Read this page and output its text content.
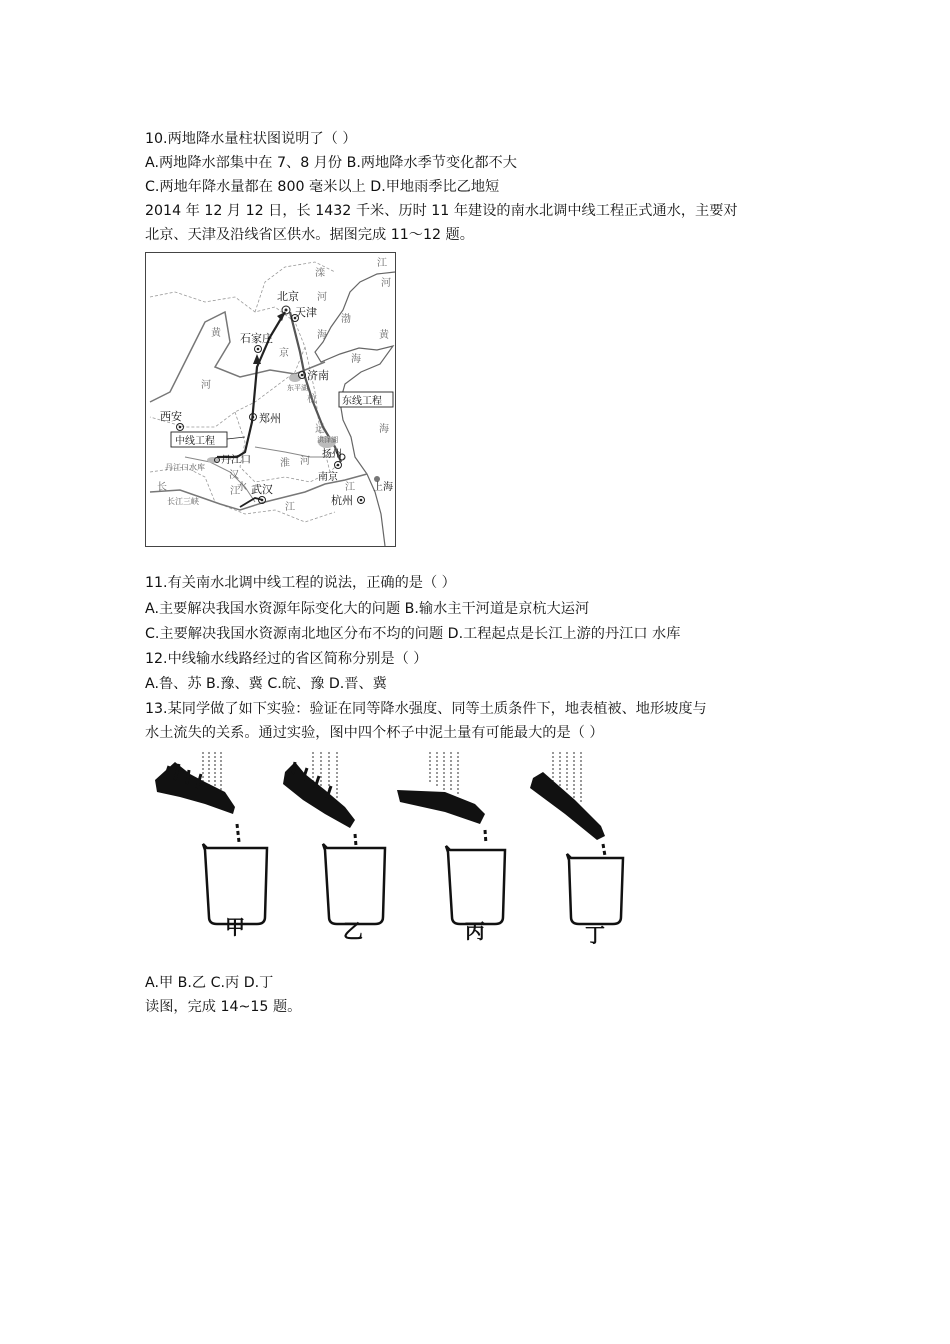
10.两地降水量柱状图说明了（ ）
A.两地降水部集中在 7、8 月份 B.两地降水季节变化都不大
C.两地年降水量都在 800 毫米以上 D.甲地雨季比乙地短
2014 年 12 月 12 日，长 1432 千米、历时 11 年建设的南水北调中线工程正式通水，主要对
北京、天津及沿线省区供水。据图完成 11～12 题。
北京
天津
石家庄
济南
西安	郑州
丹江口
武汉
扬州
南京
杭州
上海
中线工程
东线工程
丹江口水库
长江三峡
东平湖
洪泽湖
滦
河
江
河
渤
海	黄
海
黄
河
京
杭
运
汉
水
淮 河
长	江
江
江
海
11.有关南水北调中线工程的说法，正确的是（ ）
A.主要解决我国水资源年际变化大的问题 B.输水主干河道是京杭大运河
C.主要解决我国水资源南北地区分布不均的问题 D.工程起点是长江上游的丹江口 水库
12.中线输水线路经过的省区简称分别是（ ）
A.鲁、苏 B.豫、冀 C.皖、豫 D.晋、冀
13.某同学做了如下实验：验证在同等降水强度、同等土质条件下，地表植被、地形坡度与
水土流失的关系。通过实验，图中四个杯子中泥土量有可能最大的是（ ）
甲	乙	丙	丁
A.甲 B.乙 C.丙 D.丁
读图，完成 14~15 题。
